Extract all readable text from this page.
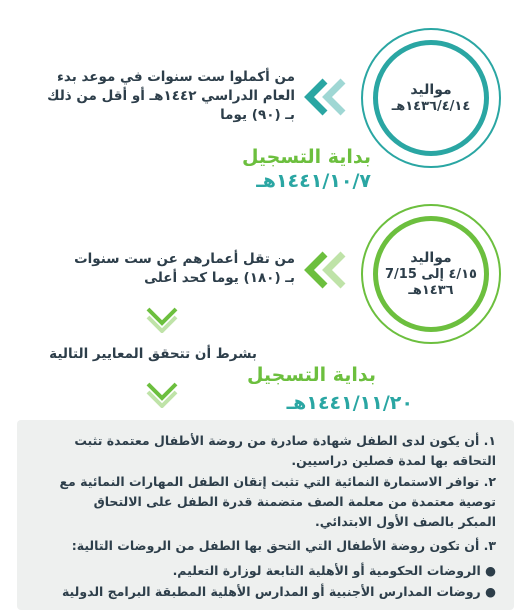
مواليد
١٤٣٦/٤/١٤هـ
من أكملوا ست سنوات في موعد بدء
العام الدراسي ١٤٤٢هـ أو أقل من ذلك
بـ (٩٠) يوما
بداية التسجيل
١٤٤١/١٠/٧هـ
مواليد
٤/١٥ إلى 7/15
١٤٣٦هـ
من تقل أعمارهم عن ست سنوات
بـ (١٨٠) يوما كحد أعلى
بشرط أن تتحقق المعايير التالية
بداية التسجيل
١٤٤١/١١/٢٠هـ
١. أن يكون لدى الطفل شهادة صادرة من روضة الأطفال معتمدة تثبت
التحاقه بها لمدة فصلين دراسيين.
٢. توافر الاستمارة النمائية التي تثبت إتقان الطفل المهارات النمائية مع
توصية معتمدة من معلمة الصف متضمنة قدرة الطفل على الالتحاق
المبكر بالصف الأول الابتدائي.
٣. أن تكون روضة الأطفال التي التحق بها الطفل من الروضات التالية:
● الروضات الحكومية أو الأهلية التابعة لوزارة التعليم.
● روضات المدارس الأجنبية أو المدارس الأهلية المطبقة البرامج الدولية
